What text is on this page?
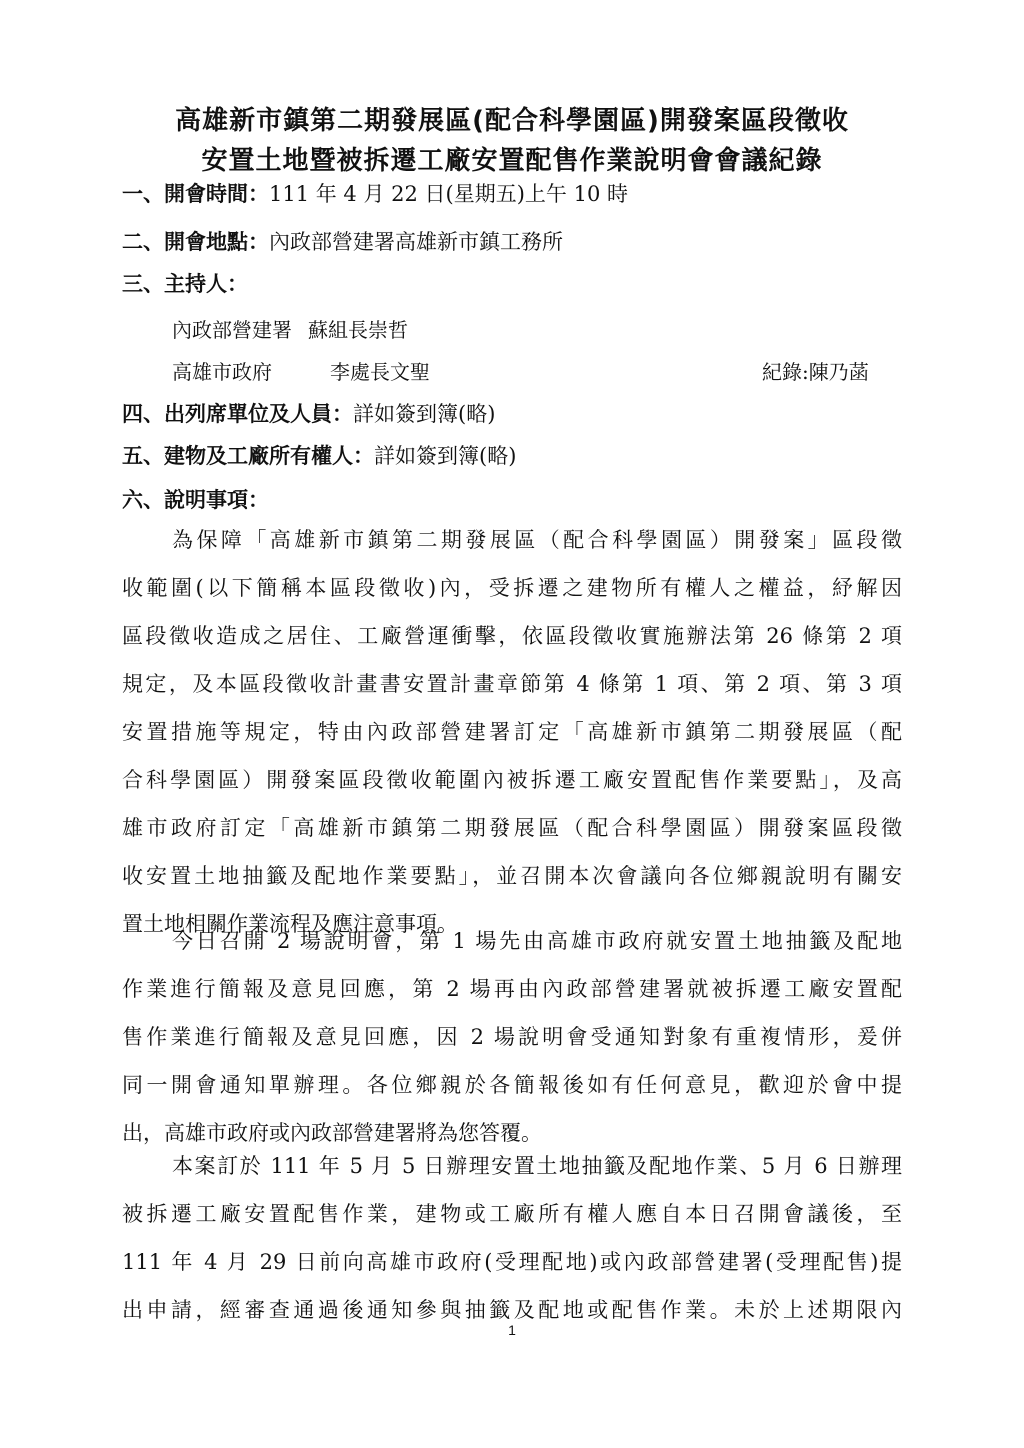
高雄新市鎮第二期發展區(配合科學園區)開發案區段徵收
安置土地暨被拆遷工廠安置配售作業說明會會議紀錄
一、開會時間：111 年 4 月 22 日(星期五)上午 10 時
二、開會地點：內政部營建署高雄新市鎮工務所
三、主持人：
內政部營建署 蘇組長崇哲
高雄市政府	李處長文聖	紀錄:陳乃菡
四、出列席單位及人員：詳如簽到簿(略)
五、建物及工廠所有權人：詳如簽到簿(略)
六、說明事項：
為保障「高雄新市鎮第二期發展區（配合科學園區）開發案」區段徵
收範圍(以下簡稱本區段徵收)內，受拆遷之建物所有權人之權益，紓解因
區段徵收造成之居住、工廠營運衝擊，依區段徵收實施辦法第 26 條第 2 項
規定，及本區段徵收計畫書安置計畫章節第 4 條第 1 項、第 2 項、第 3 項
安置措施等規定，特由內政部營建署訂定「高雄新市鎮第二期發展區（配
合科學園區）開發案區段徵收範圍內被拆遷工廠安置配售作業要點」，及高
雄市政府訂定「高雄新市鎮第二期發展區（配合科學園區）開發案區段徵
收安置土地抽籤及配地作業要點」，並召開本次會議向各位鄉親說明有關安
置土地相關作業流程及應注意事項。
今日召開 2 場說明會，第 1 場先由高雄市政府就安置土地抽籤及配地
作業進行簡報及意見回應，第 2 場再由內政部營建署就被拆遷工廠安置配
售作業進行簡報及意見回應，因 2 場說明會受通知對象有重複情形，爰併
同一開會通知單辦理。各位鄉親於各簡報後如有任何意見，歡迎於會中提
出，高雄市政府或內政部營建署將為您答覆。
本案訂於 111 年 5 月 5 日辦理安置土地抽籤及配地作業、5 月 6 日辦理
被拆遷工廠安置配售作業，建物或工廠所有權人應自本日召開會議後，至
111 年 4 月 29 日前向高雄市政府(受理配地)或內政部營建署(受理配售)提
出申請，經審查通過後通知參與抽籤及配地或配售作業。未於上述期限內
1
